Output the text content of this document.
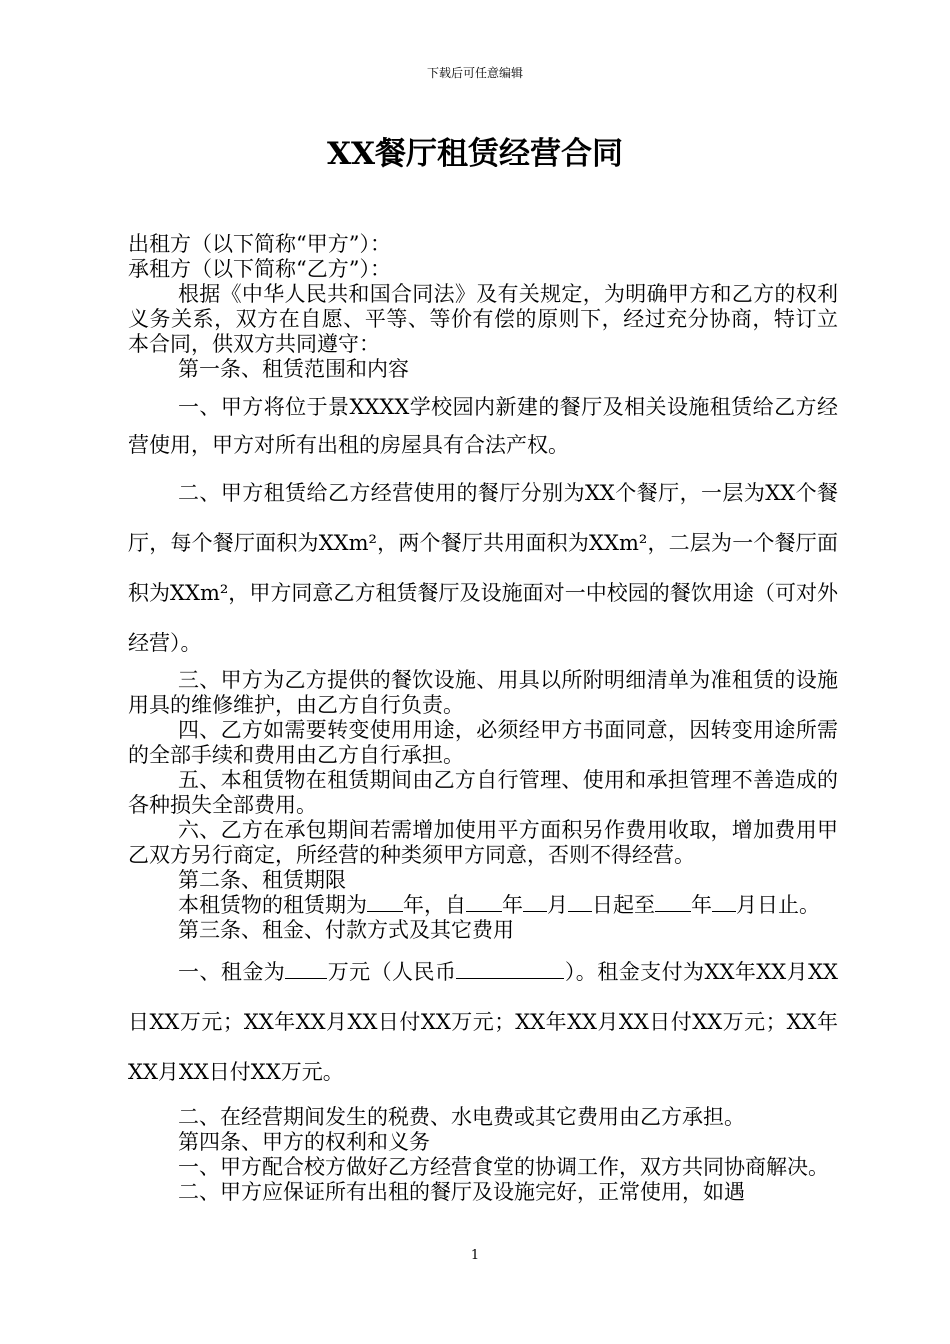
下载后可任意编辑
XX餐厅租赁经营合同

出租方（以下简称“甲方”）：

承租方（以下简称“乙方”）：

根据《中华人民共和国合同法》及有关规定，为明确甲方和乙方的权利义务关系，双方在自愿、平等、等价有偿的原则下，经过充分协商，特订立本合同，供双方共同遵守：

第一条、租赁范围和内容

一、甲方将位于景XXXX学校园内新建的餐厅及相关设施租赁给乙方经营使用，甲方对所有出租的房屋具有合法产权。

二、甲方租赁给乙方经营使用的餐厅分别为XX个餐厅，一层为XX个餐厅，每个餐厅面积为XXm²，两个餐厅共用面积为XXm²，二层为一个餐厅面积为XXm²，甲方同意乙方租赁餐厅及设施面对一中校园的餐饮用途（可对外经营）。

三、甲方为乙方提供的餐饮设施、用具以所附明细清单为准租赁的设施用具的维修维护，由乙方自行负责。

四、乙方如需要转变使用用途，必须经甲方书面同意，因转变用途所需的全部手续和费用由乙方自行承担。

五、本租赁物在租赁期间由乙方自行管理、使用和承担管理不善造成的各种损失全部费用。

六、乙方在承包期间若需增加使用平方面积另作费用收取，增加费用甲乙双方另行商定，所经营的种类须甲方同意，否则不得经营。

第二条、租赁期限

本租赁物的租赁期为 年，自 年 月 日起至 年 月日止。

第三条、租金、付款方式及其它费用

一、租金为 万元（人民币	）。租金支付为XX年XX月XX日XX万元；XX年XX月XX日付XX万元；XX年XX月XX日付XX万元；XX年XX月XX日付XX万元。

二、在经营期间发生的税费、水电费或其它费用由乙方承担。

第四条、甲方的权利和义务

一、甲方配合校方做好乙方经营食堂的协调工作，双方共同协商解决。

二、甲方应保证所有出租的餐厅及设施完好，正常使用，如遇

1
